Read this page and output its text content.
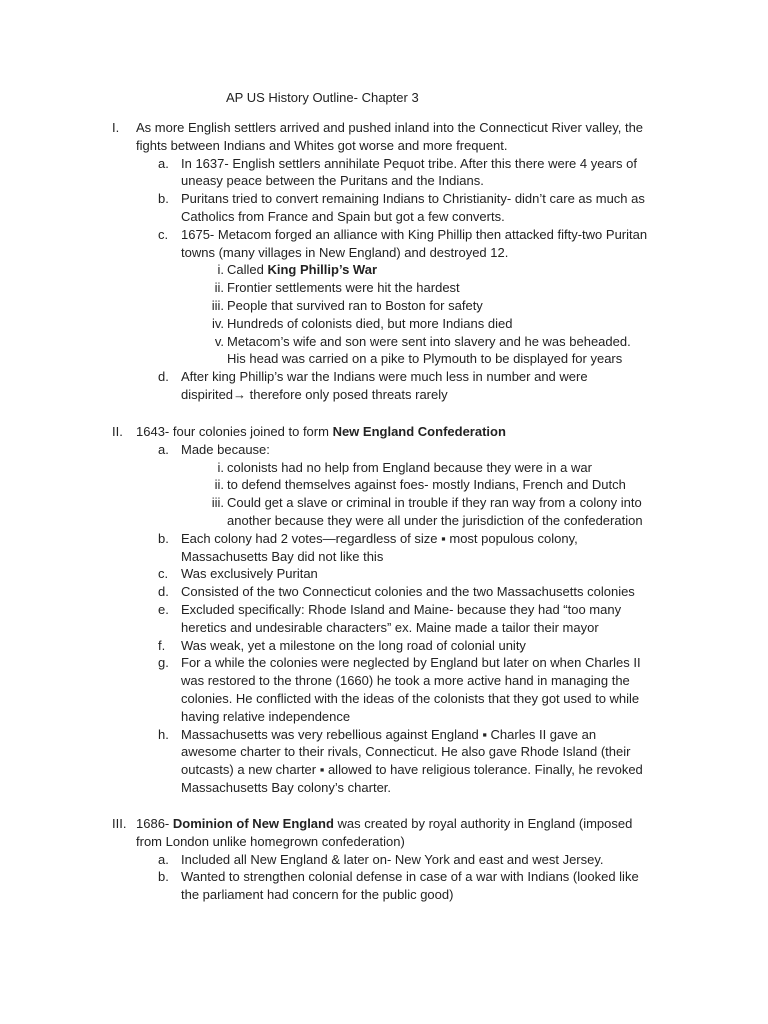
AP US History Outline- Chapter 3
I. As more English settlers arrived and pushed inland into the Connecticut River valley, the
fights between Indians and Whites got worse and more frequent.
a. In 1637- English settlers annihilate Pequot tribe. After this there were 4 years of
uneasy peace between the Puritans and the Indians.
b. Puritans tried to convert remaining Indians to Christianity- didn’t care as much as
Catholics from France and Spain but got a few converts.
c. 1675- Metacom forged an alliance with King Phillip then attacked fifty-two Puritan
towns (many villages in New England) and destroyed 12.
i. Called King Phillip’s War
ii. Frontier settlements were hit the hardest
iii. People that survived ran to Boston for safety
iv. Hundreds of colonists died, but more Indians died
v. Metacom’s wife and son were sent into slavery and he was beheaded.
His head was carried on a pike to Plymouth to be displayed for years
d. After king Phillip’s war the Indians were much less in number and were
dispirited→ therefore only posed threats rarely
II. 1643- four colonies joined to form New England Confederation
a. Made because:
i. colonists had no help from England because they were in a war
ii. to defend themselves against foes- mostly Indians, French and Dutch
iii. Could get a slave or criminal in trouble if they ran way from a colony into
another because they were all under the jurisdiction of the confederation
b. Each colony had 2 votes—regardless of size ▪ most populous colony,
Massachusetts Bay did not like this
c. Was exclusively Puritan
d. Consisted of the two Connecticut colonies and the two Massachusetts colonies
e. Excluded specifically: Rhode Island and Maine- because they had “too many
heretics and undesirable characters” ex. Maine made a tailor their mayor
f. Was weak, yet a milestone on the long road of colonial unity
g. For a while the colonies were neglected by England but later on when Charles II
was restored to the throne (1660) he took a more active hand in managing the
colonies. He conflicted with the ideas of the colonists that they got used to while
having relative independence
h. Massachusetts was very rebellious against England ▪ Charles II gave an
awesome charter to their rivals, Connecticut. He also gave Rhode Island (their
outcasts) a new charter ▪ allowed to have religious tolerance. Finally, he revoked
Massachusetts Bay colony’s charter.
III. 1686- Dominion of New England was created by royal authority in England (imposed
from London unlike homegrown confederation)
a. Included all New England & later on- New York and east and west Jersey.
b. Wanted to strengthen colonial defense in case of a war with Indians (looked like
the parliament had concern for the public good)
